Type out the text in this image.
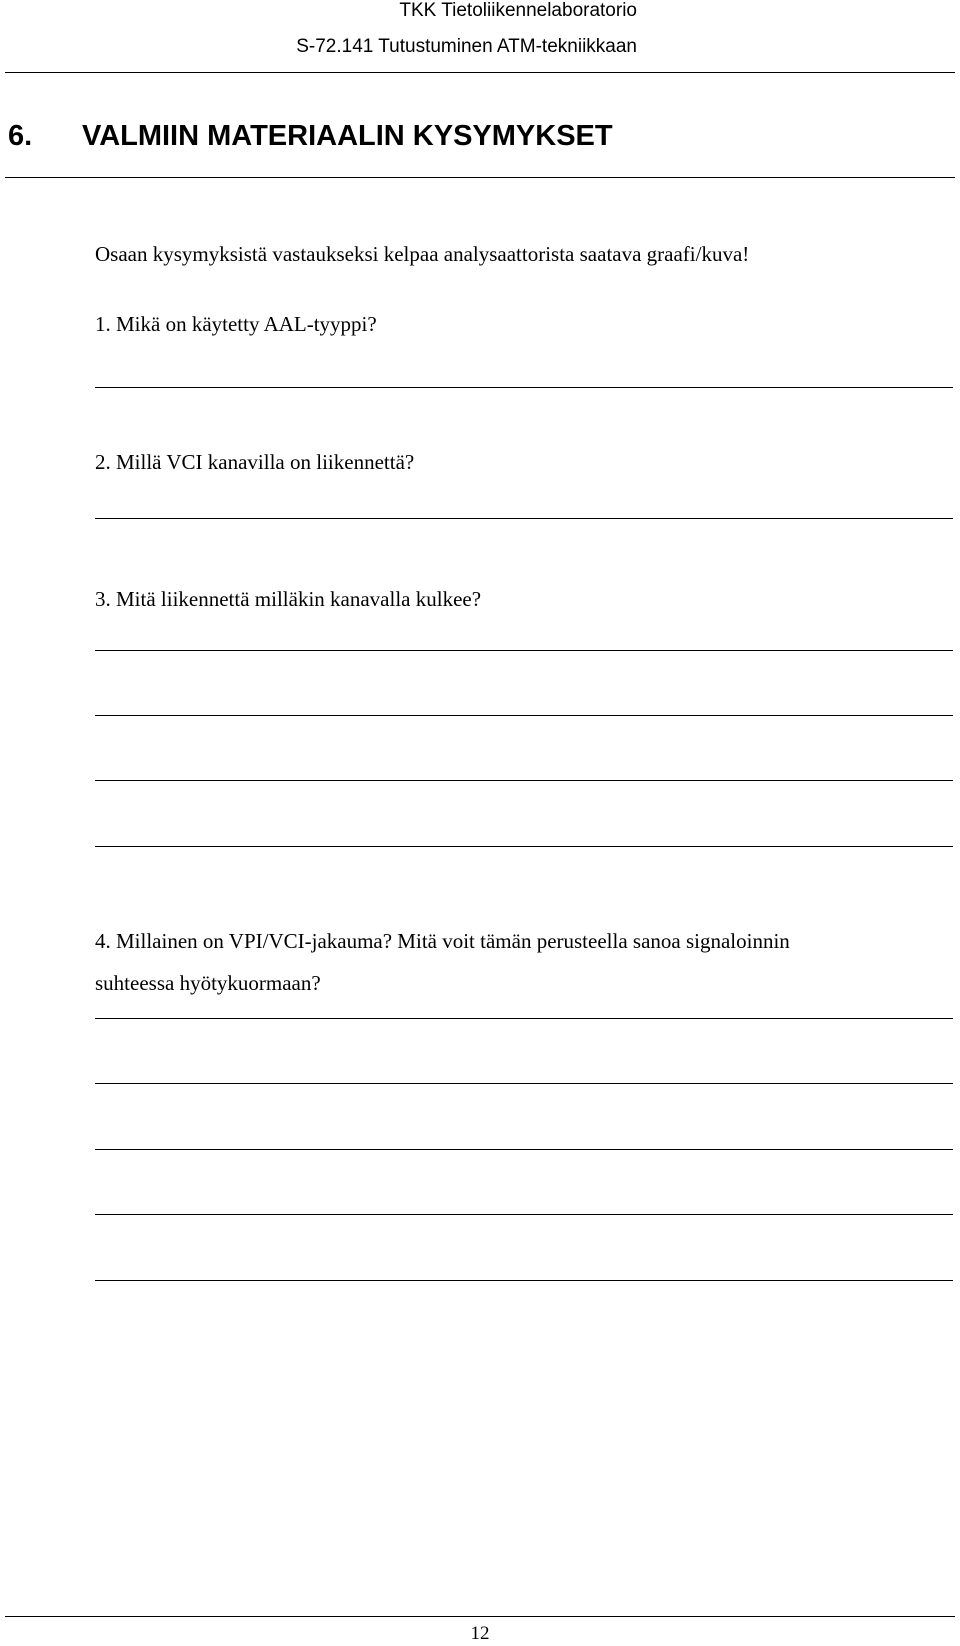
TKK Tietoliikennelaboratorio
S-72.141 Tutustuminen ATM-tekniikkaan
6. VALMIIN MATERIAALIN KYSYMYKSET
Osaan kysymyksistä vastaukseksi kelpaa analysaattorista saatava graafi/kuva!
1. Mikä on käytetty AAL-tyyppi?
2. Millä VCI kanavilla on liikennettä?
3. Mitä liikennettä milläkin kanavalla kulkee?
4. Millainen on VPI/VCI-jakauma? Mitä voit tämän perusteella sanoa signaloinnin
suhteessa hyötykuormaan?
12
